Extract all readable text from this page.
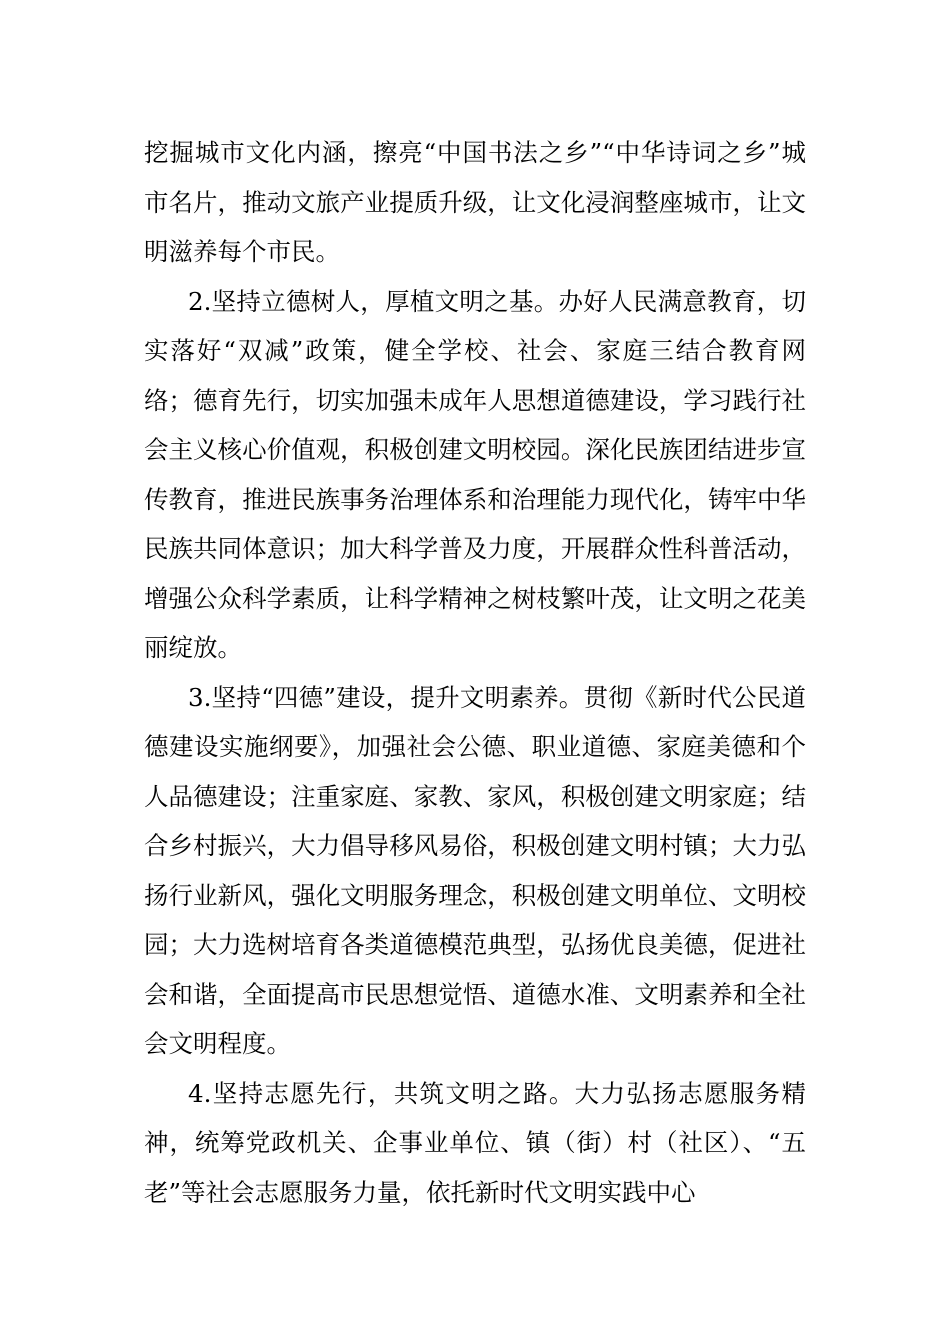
挖掘城市文化内涵，擦亮“中国书法之乡”“中华诗词之乡”城市名片，推动文旅产业提质升级，让文化浸润整座城市，让文明滋养每个市民。

2.坚持立德树人，厚植文明之基。办好人民满意教育，切实落好“双减”政策，健全学校、社会、家庭三结合教育网络；德育先行，切实加强未成年人思想道德建设，学习践行社会主义核心价值观，积极创建文明校园。深化民族团结进步宣传教育，推进民族事务治理体系和治理能力现代化，铸牢中华民族共同体意识；加大科学普及力度，开展群众性科普活动，增强公众科学素质，让科学精神之树枝繁叶茂，让文明之花美丽绽放。

3.坚持“四德”建设，提升文明素养。贯彻《新时代公民道德建设实施纲要》，加强社会公德、职业道德、家庭美德和个人品德建设；注重家庭、家教、家风，积极创建文明家庭；结合乡村振兴，大力倡导移风易俗，积极创建文明村镇；大力弘扬行业新风，强化文明服务理念，积极创建文明单位、文明校园；大力选树培育各类道德模范典型，弘扬优良美德，促进社会和谐，全面提高市民思想觉悟、道德水准、文明素养和全社会文明程度。

4.坚持志愿先行，共筑文明之路。大力弘扬志愿服务精神，统筹党政机关、企事业单位、镇（街）村（社区）、“五老”等社会志愿服务力量，依托新时代文明实践中心
